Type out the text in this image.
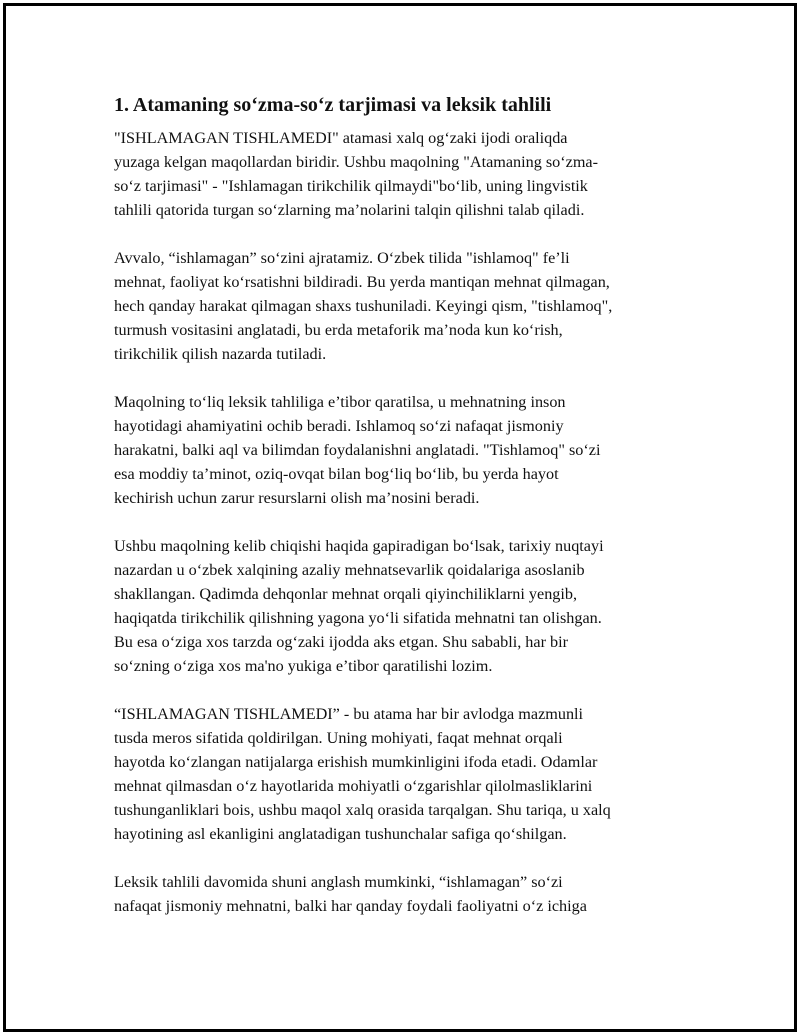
1. Atamaning so‘zma-so‘z tarjimasi va leksik tahlili

"ISHLAMAGAN TISHLAMEDI" atamasi xalq og‘zaki ijodi oraliqda
yuzaga kelgan maqollardan biridir. Ushbu maqolning "Atamaning so‘zma-
so‘z tarjimasi" - "Ishlamagan tirikchilik qilmaydi"bo‘lib, uning lingvistik
tahlili qatorida turgan so‘zlarning ma’nolarini talqin qilishni talab qiladi.

Avvalo, “ishlamagan” so‘zini ajratamiz. O‘zbek tilida "ishlamoq" fe’li
mehnat, faoliyat ko‘rsatishni bildiradi. Bu yerda mantiqan mehnat qilmagan,
hech qanday harakat qilmagan shaxs tushuniladi. Keyingi qism, "tishlamoq",
turmush vositasini anglatadi, bu erda metaforik ma’noda kun ko‘rish,
tirikchilik qilish nazarda tutiladi.

Maqolning to‘liq leksik tahliliga e’tibor qaratilsa, u mehnatning inson
hayotidagi ahamiyatini ochib beradi. Ishlamoq so‘zi nafaqat jismoniy
harakatni, balki aql va bilimdan foydalanishni anglatadi. "Tishlamoq" so‘zi
esa moddiy ta’minot, oziq-ovqat bilan bog‘liq bo‘lib, bu yerda hayot
kechirish uchun zarur resurslarni olish ma’nosini beradi.

Ushbu maqolning kelib chiqishi haqida gapiradigan bo‘lsak, tarixiy nuqtayi
nazardan u o‘zbek xalqining azaliy mehnatsevarlik qoidalariga asoslanib
shakllangan. Qadimda dehqonlar mehnat orqali qiyinchiliklarni yengib,
haqiqatda tirikchilik qilishning yagona yo‘li sifatida mehnatni tan olishgan.
Bu esa o‘ziga xos tarzda og‘zaki ijodda aks etgan. Shu sababli, har bir
so‘zning o‘ziga xos ma'no yukiga e’tibor qaratilishi lozim.

“ISHLAMAGAN TISHLAMEDI” - bu atama har bir avlodga mazmunli
tusda meros sifatida qoldirilgan. Uning mohiyati, faqat mehnat orqali
hayotda ko‘zlangan natijalarga erishish mumkinligini ifoda etadi. Odamlar
mehnat qilmasdan o‘z hayotlarida mohiyatli o‘zgarishlar qilolmasliklarini
tushunganliklari bois, ushbu maqol xalq orasida tarqalgan. Shu tariqa, u xalq
hayotining asl ekanligini anglatadigan tushunchalar safiga qo‘shilgan.

Leksik tahlili davomida shuni anglash mumkinki, “ishlamagan” so‘zi
nafaqat jismoniy mehnatni, balki har qanday foydali faoliyatni o‘z ichiga
